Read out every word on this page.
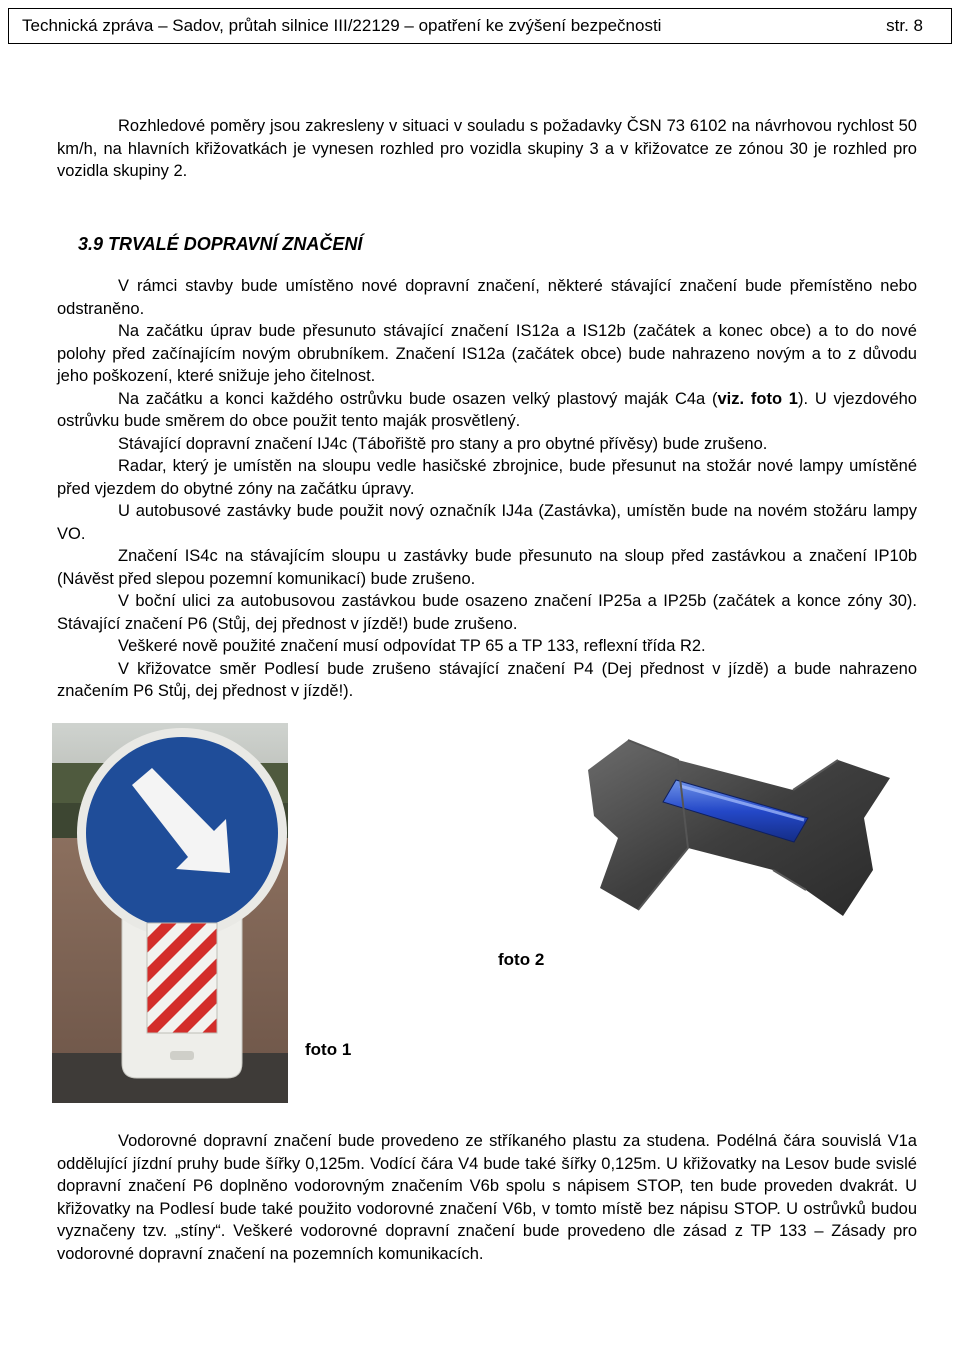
Technická zpráva – Sadov, průtah silnice III/22129 – opatření ke zvýšení bezpečnosti	str. 8

Rozhledové poměry jsou zakresleny v situaci v souladu s požadavky ČSN 73 6102 na návrhovou rychlost 50 km/h, na hlavních křižovatkách je vynesen rozhled pro vozidla skupiny 3 a v křižovatce ze zónou 30 je rozhled pro vozidla skupiny 2.

3.9 TRVALÉ DOPRAVNÍ ZNAČENÍ

V rámci stavby bude umístěno nové dopravní značení, některé stávající značení bude přemístěno nebo odstraněno.

Na začátku úprav bude přesunuto stávající značení IS12a a IS12b (začátek a konec obce) a to do nové polohy před začínajícím novým obrubníkem. Značení IS12a (začátek obce) bude nahrazeno novým a to z důvodu jeho poškození, které snižuje jeho čitelnost.

Na začátku a konci každého ostrůvku bude osazen velký plastový maják C4a (viz. foto 1). U vjezdového ostrůvku bude směrem do obce použit tento maják prosvětlený.

Stávající dopravní značení IJ4c (Tábořiště pro stany a pro obytné přívěsy) bude zrušeno.

Radar, který je umístěn na sloupu vedle hasičské zbrojnice, bude přesunut na stožár nové lampy umístěné před vjezdem do obytné zóny na začátku úpravy.

U autobusové zastávky bude použit nový označník IJ4a (Zastávka), umístěn bude na novém stožáru lampy VO.

Značení IS4c na stávajícím sloupu u zastávky bude přesunuto na sloup před zastávkou a značení IP10b (Návěst před slepou pozemní komunikací) bude zrušeno.

V boční ulici za autobusovou zastávkou bude osazeno značení IP25a a IP25b (začátek a konce zóny 30). Stávající značení P6 (Stůj, dej přednost v jízdě!) bude zrušeno.

Veškeré nově použité značení musí odpovídat TP 65 a TP 133, reflexní třída R2.

V křižovatce směr Podlesí bude zrušeno stávající značení P4 (Dej přednost v jízdě) a bude nahrazeno značením P6 Stůj, dej přednost v jízdě!).

foto 1
foto 2

Vodorovné dopravní značení bude provedeno ze stříkaného plastu za studena. Podélná čára souvislá V1a oddělující jízdní pruhy bude šířky 0,125m. Vodící čára V4 bude také šířky 0,125m. U křižovatky na Lesov bude svislé dopravní značení P6 doplněno vodorovným značením V6b spolu s nápisem STOP, ten bude proveden dvakrát. U křižovatky na Podlesí bude také použito vodorovné značení V6b, v tomto místě bez nápisu STOP. U ostrůvků budou vyznačeny tzv. „stíny“. Veškeré vodorovné dopravní značení bude provedeno dle zásad z TP 133 – Zásady pro vodorovné dopravní značení na pozemních komunikacích.
